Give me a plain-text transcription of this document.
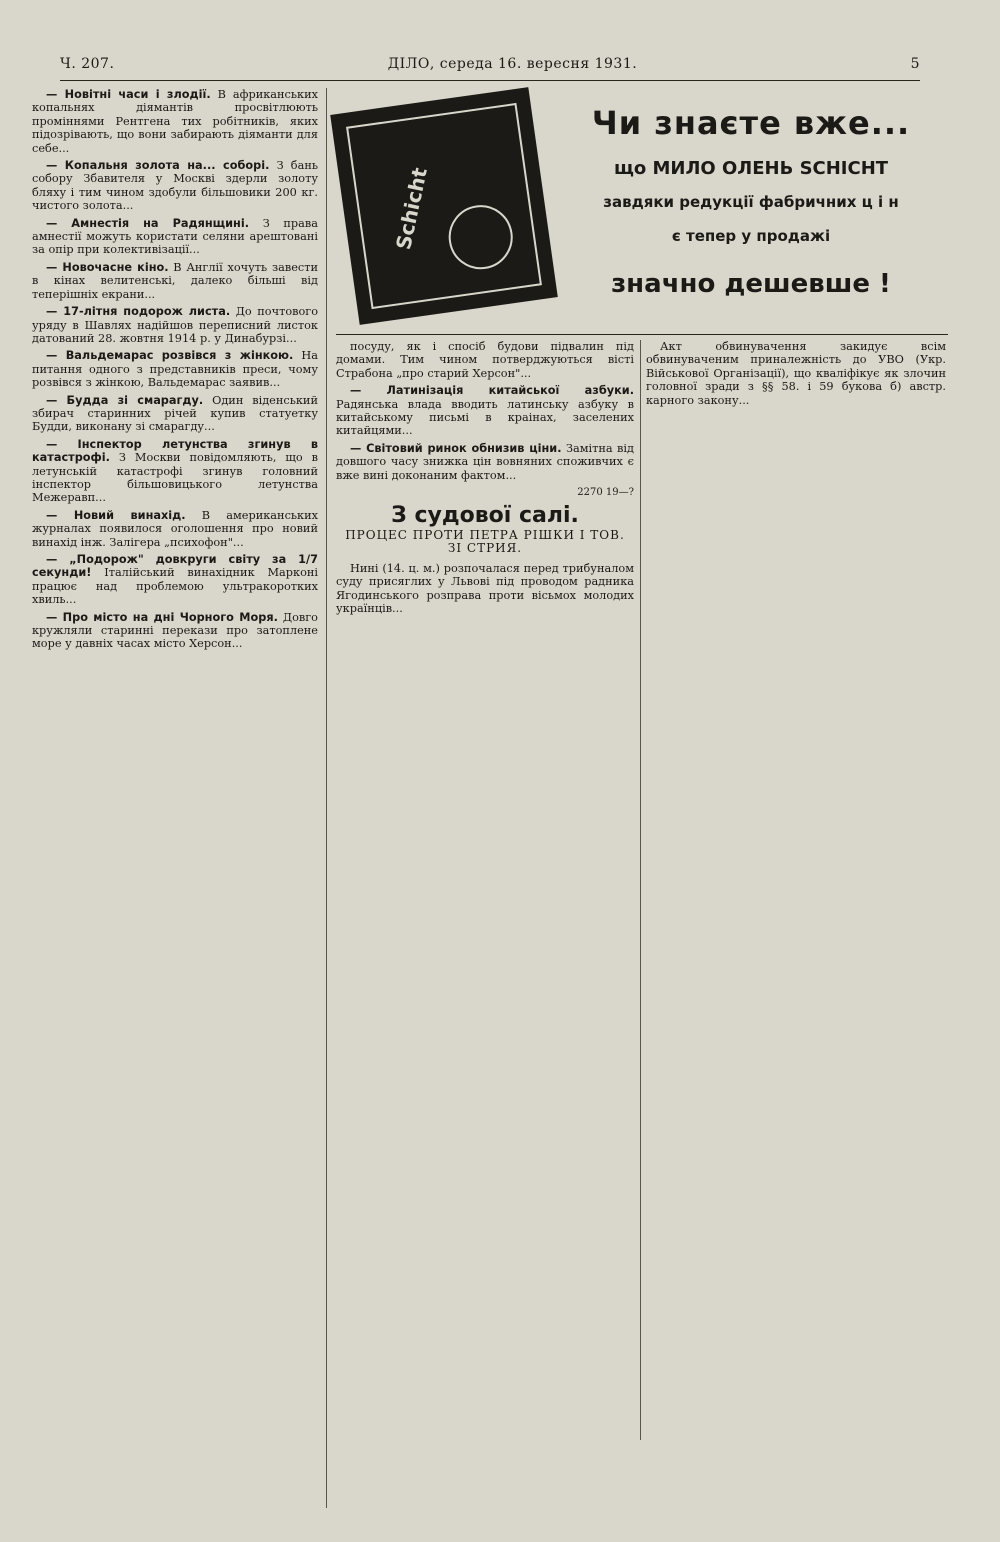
Ч. 207.	ДІЛО, середа 16. вересня 1931.	5

— Новітні часи і злодії. В африканських копальнях діямантів просвітлюють проміннями Рентгена тих робітників, яких підозрівають, що вони забирають діяманти для себе...

— Копальня золота на... соборі. З бань собору Збавителя у Москві здерли золоту бляху і тим чином здобули більшовики 200 кг. чистого золота...

— Амнестія на Радянщині. З права амнестії можуть користати селяни арештовані за опір при колективізації...

— Новочасне кіно. В Англії хочуть завести в кінах велитенські, далеко більші від теперішніх екрани...

— 17-літня подорож листа. До почтового уряду в Шавлях надійшов переписний листок датований 28. жовтня 1914 р. у Динабурзі...

— Вальдемарас розвівся з жінкою. На питання одного з представників преси, чому розвівся з жінкою, Вальдемарас заявив...

— Будда зі смарагду. Один віденський збирач старинних річей купив статуетку Будди, виконану зі смарагду...

— Інспектор летунства згинув в катастрофі. З Москви повідомляють, що в летунській катастрофі згинув головний інспектор більшовицького летунства Межеравп...

— Новий винахід. В американських журналах появилося оголошення про новий винахід інж. Залігера „психофон"...

— „Подорож" довкруги світу за 1/7 секунди! Італійський винахідник Марконі працює над проблемою ультракоротких хвиль...

— Про місто на дні Чорного Моря. Довго кружляли старинні перекази про затоплене море у давніх часах місто Херсон...

Schicht

Чи знаєте вже...

що МИЛО ОЛЕНЬ SCHICHT

завдяки редукції фабричних ц і н

є тепер у продажі

значно дешевше !

посуду, як і спосіб будови підвалин під домами. Тим чином потверджуються вісті Страбона „про старий Херсон"...

— Латинізація китайської азбуки. Радянська влада вводить латинську азбуку в китайському письмі в краінах, заселених китайцями...

— Світовий ринок обнизив ціни. Замітна від довшого часу знижка цін вовняних споживчих є вже вині доконаним фактом...

2270 19—?
З судової салі.
ПРОЦЕС ПРОТИ ПЕТРА РІШКИ І ТОВ. ЗІ СТРИЯ.

Нині (14. ц. м.) розпочалася перед трибуналом суду присяглих у Львові під проводом радника Ягодинського розправа проти вісьмох молодих українців...

Акт обвинувачення закидує всім обвинуваченим приналежність до УВО (Укр. Військової Організації), що кваліфікує як злочин головної зради з §§ 58. і 59 букова б) австр. карного закону...
